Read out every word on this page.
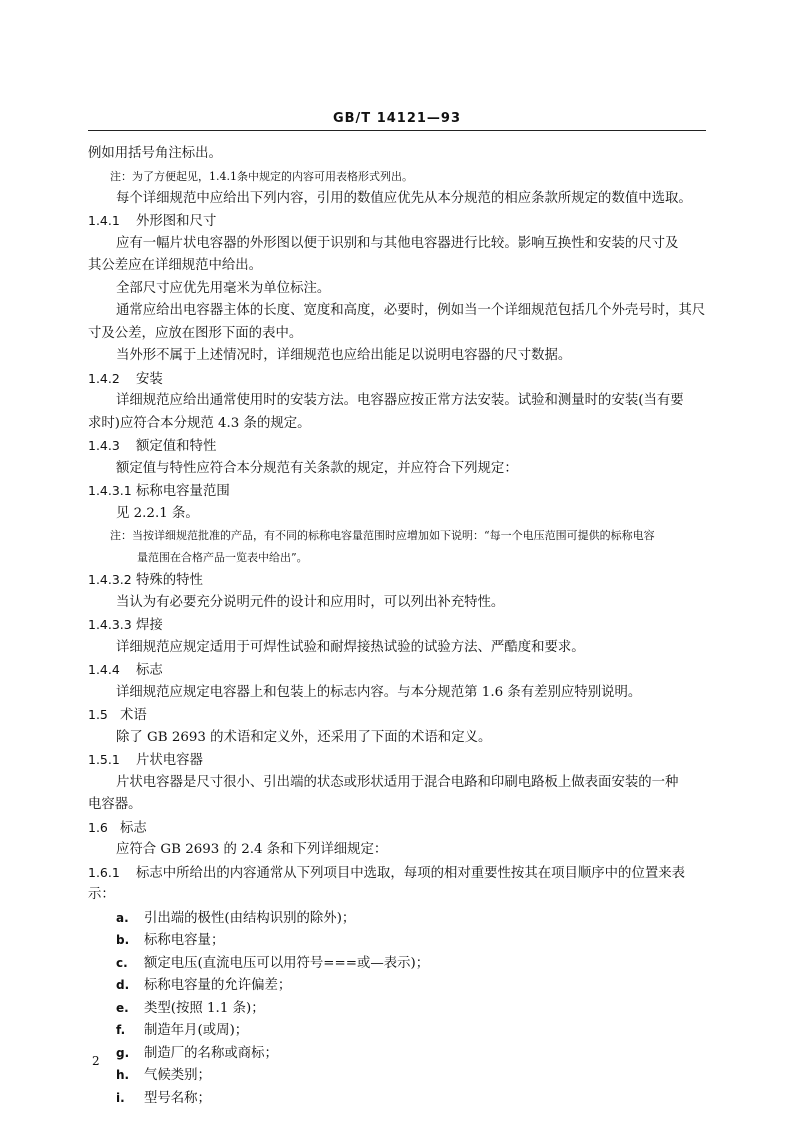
GB/T 14121—93
例如用括号角注标出。
注：为了方便起见，1.4.1条中规定的内容可用表格形式列出。
每个详细规范中应给出下列内容，引用的数值应优先从本分规范的相应条款所规定的数值中选取。
1.4.1 外形图和尺寸
应有一幅片状电容器的外形图以便于识别和与其他电容器进行比较。影响互换性和安装的尺寸及
其公差应在详细规范中给出。
全部尺寸应优先用毫米为单位标注。
通常应给出电容器主体的长度、宽度和高度，必要时，例如当一个详细规范包括几个外壳号时，其尺
寸及公差，应放在图形下面的表中。
当外形不属于上述情况时，详细规范也应给出能足以说明电容器的尺寸数据。
1.4.2 安装
详细规范应给出通常使用时的安装方法。电容器应按正常方法安装。试验和测量时的安装(当有要
求时)应符合本分规范 4.3 条的规定。
1.4.3 额定值和特性
额定值与特性应符合本分规范有关条款的规定，并应符合下列规定：
1.4.3.1 标称电容量范围
见 2.2.1 条。
注：当按详细规范批准的产品，有不同的标称电容量范围时应增加如下说明：“每一个电压范围可提供的标称电容
量范围在合格产品一览表中给出”。
1.4.3.2 特殊的特性
当认为有必要充分说明元件的设计和应用时，可以列出补充特性。
1.4.3.3 焊接
详细规范应规定适用于可焊性试验和耐焊接热试验的试验方法、严酷度和要求。
1.4.4 标志
详细规范应规定电容器上和包装上的标志内容。与本分规范第 1.6 条有差别应特别说明。
1.5 术语
除了 GB 2693 的术语和定义外，还采用了下面的术语和定义。
1.5.1 片状电容器
片状电容器是尺寸很小、引出端的状态或形状适用于混合电路和印刷电路板上做表面安装的一种
电容器。
1.6 标志
应符合 GB 2693 的 2.4 条和下列详细规定：
1.6.1 标志中所给出的内容通常从下列项目中选取，每项的相对重要性按其在项目顺序中的位置来表
示：
a. 引出端的极性(由结构识别的除外)；
b. 标称电容量；
c. 额定电压(直流电压可以用符号===或—表示)；
d. 标称电容量的允许偏差；
e. 类型(按照 1.1 条)；
f. 制造年月(或周)；
g. 制造厂的名称或商标；
h. 气候类别；
i. 型号名称；
2
